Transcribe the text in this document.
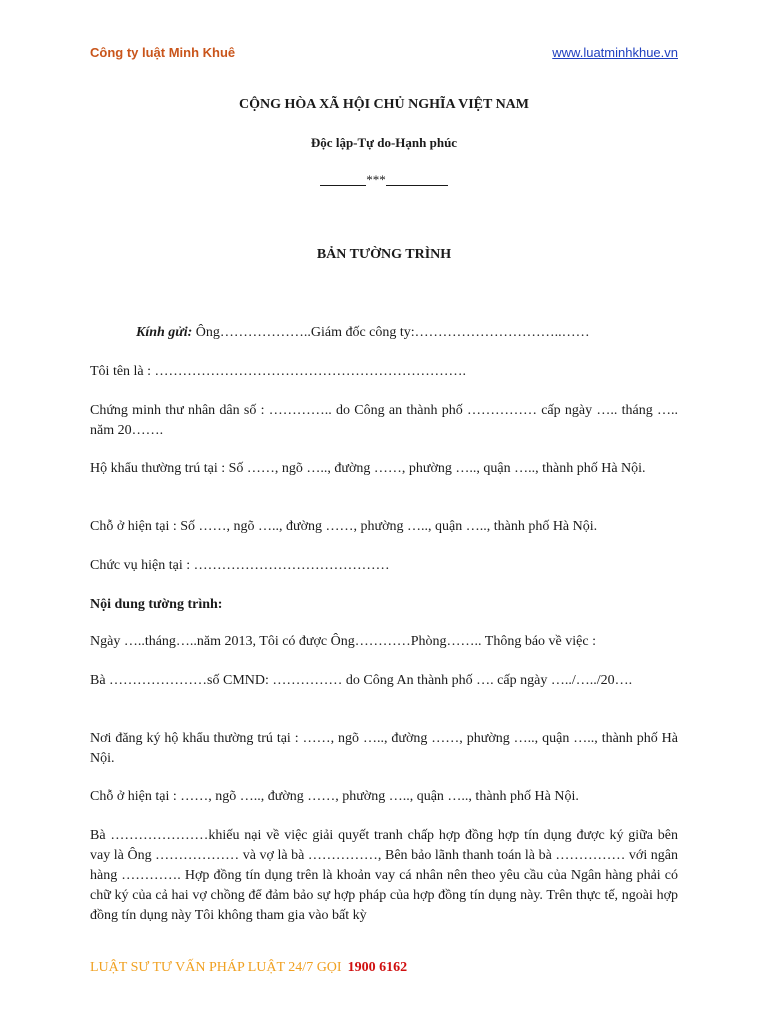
Công ty luật Minh Khuê	www.luatminhkhue.vn
CỘNG HÒA XÃ HỘI CHỦ NGHĨA VIỆT NAM
Độc lập-Tự do-Hạnh phúc
***
BẢN TƯỜNG TRÌNH
Kính gửi: Ông………………..Giám đốc công ty:…………………………..……
Tôi tên là : ………………………………………………………….
Chứng minh thư nhân dân số : ………….. do Công an thành phố …………… cấp ngày ….. tháng ….. năm 20…….
Hộ khẩu thường trú tại : Số ……, ngõ ….., đường ……, phường ….., quận ….., thành phố Hà Nội.
Chỗ ở hiện tại : Số ……, ngõ ….., đường ……, phường ….., quận ….., thành phố Hà Nội.
Chức vụ hiện tại : ……………………………………
Nội dung tường trình:
Ngày …..tháng…..năm 2013, Tôi có được Ông…………Phòng…….. Thông báo về việc :
Bà …………………số CMND: …………… do Công An thành phố …. cấp ngày …../…../20….
Nơi đăng ký hộ khẩu thường trú tại : ……, ngõ ….., đường ……, phường ….., quận ….., thành phố Hà Nội.
Chỗ ở hiện tại : ……, ngõ ….., đường ……, phường ….., quận ….., thành phố Hà Nội.
Bà …………………khiếu nại về việc giải quyết tranh chấp hợp đồng hợp tín dụng được ký giữa bên vay là Ông ……………… và vợ là bà ……………, Bên bảo lãnh thanh toán là bà …………… với ngân hàng …………. Hợp đồng tín dụng trên là khoản vay cá nhân nên theo yêu cầu của Ngân hàng phải có chữ ký của cả hai vợ chồng để đảm bảo sự hợp pháp của hợp đồng tín dụng này. Trên thực tế, ngoài hợp đồng tín dụng này Tôi không tham gia vào bất kỳ
LUẬT SƯ TƯ VẤN PHÁP LUẬT 24/7 GỌI 1900 6162
